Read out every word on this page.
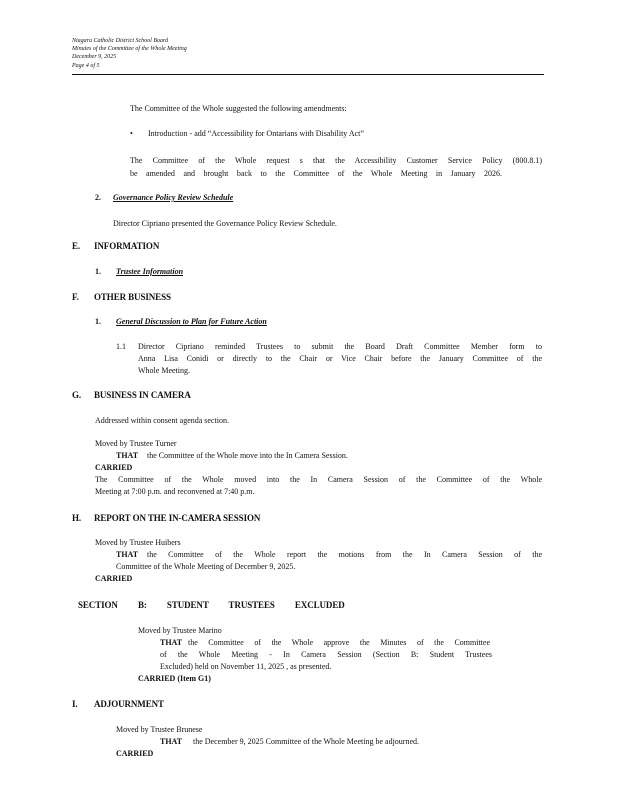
Niagara Catholic District School Board
Minutes of the Committee of the Whole Meeting
December 9, 2025
Page 4 of 5
The Committee of the Whole suggested the following amendments:
• Introduction - add “Accessibility for Ontarians with Disability Act”
The Committee of the Whole request s that the Accessibility Customer Service Policy (800.8.1)
be amended and brought back to the Committee of the Whole Meeting in January 2026.
2. Governance Policy Review Schedule
Director Cipriano presented the Governance Policy Review Schedule.
E. INFORMATION
1. Trustee Information
F. OTHER BUSINESS
1. General Discussion to Plan for Future Action
1.1 Director Cipriano reminded Trustees to submit the Board Draft Committee Member form to
Anna Lisa Conidi or directly to the Chair or Vice Chair before the January Committee of the
Whole Meeting.
G. BUSINESS IN CAMERA
Addressed within consent agenda section.
Moved by Trustee Turner
THAT the Committee of the Whole move into the In Camera Session.
CARRIED
The Committee of the Whole moved into the In Camera Session of the Committee of the Whole
Meeting at 7:00 p.m. and reconvened at 7:40 p.m.
H. REPORT ON THE IN-CAMERA SESSION
Moved by Trustee Huibers
THAT the Committee of the Whole report the motions from the In Camera Session of the
Committee of the Whole Meeting of December 9, 2025.
CARRIED
SECTION B: STUDENT TRUSTEES EXCLUDED
Moved by Trustee Marino
THAT the Committee of the Whole approve the Minutes of the Committee
of the Whole Meeting - In Camera Session (Section B: Student Trustees
Excluded) held on November 11, 2025 , as presented.
CARRIED (Item G1)
I. ADJOURNMENT
Moved by Trustee Brunese
THAT the December 9, 2025 Committee of the Whole Meeting be adjourned.
CARRIED
